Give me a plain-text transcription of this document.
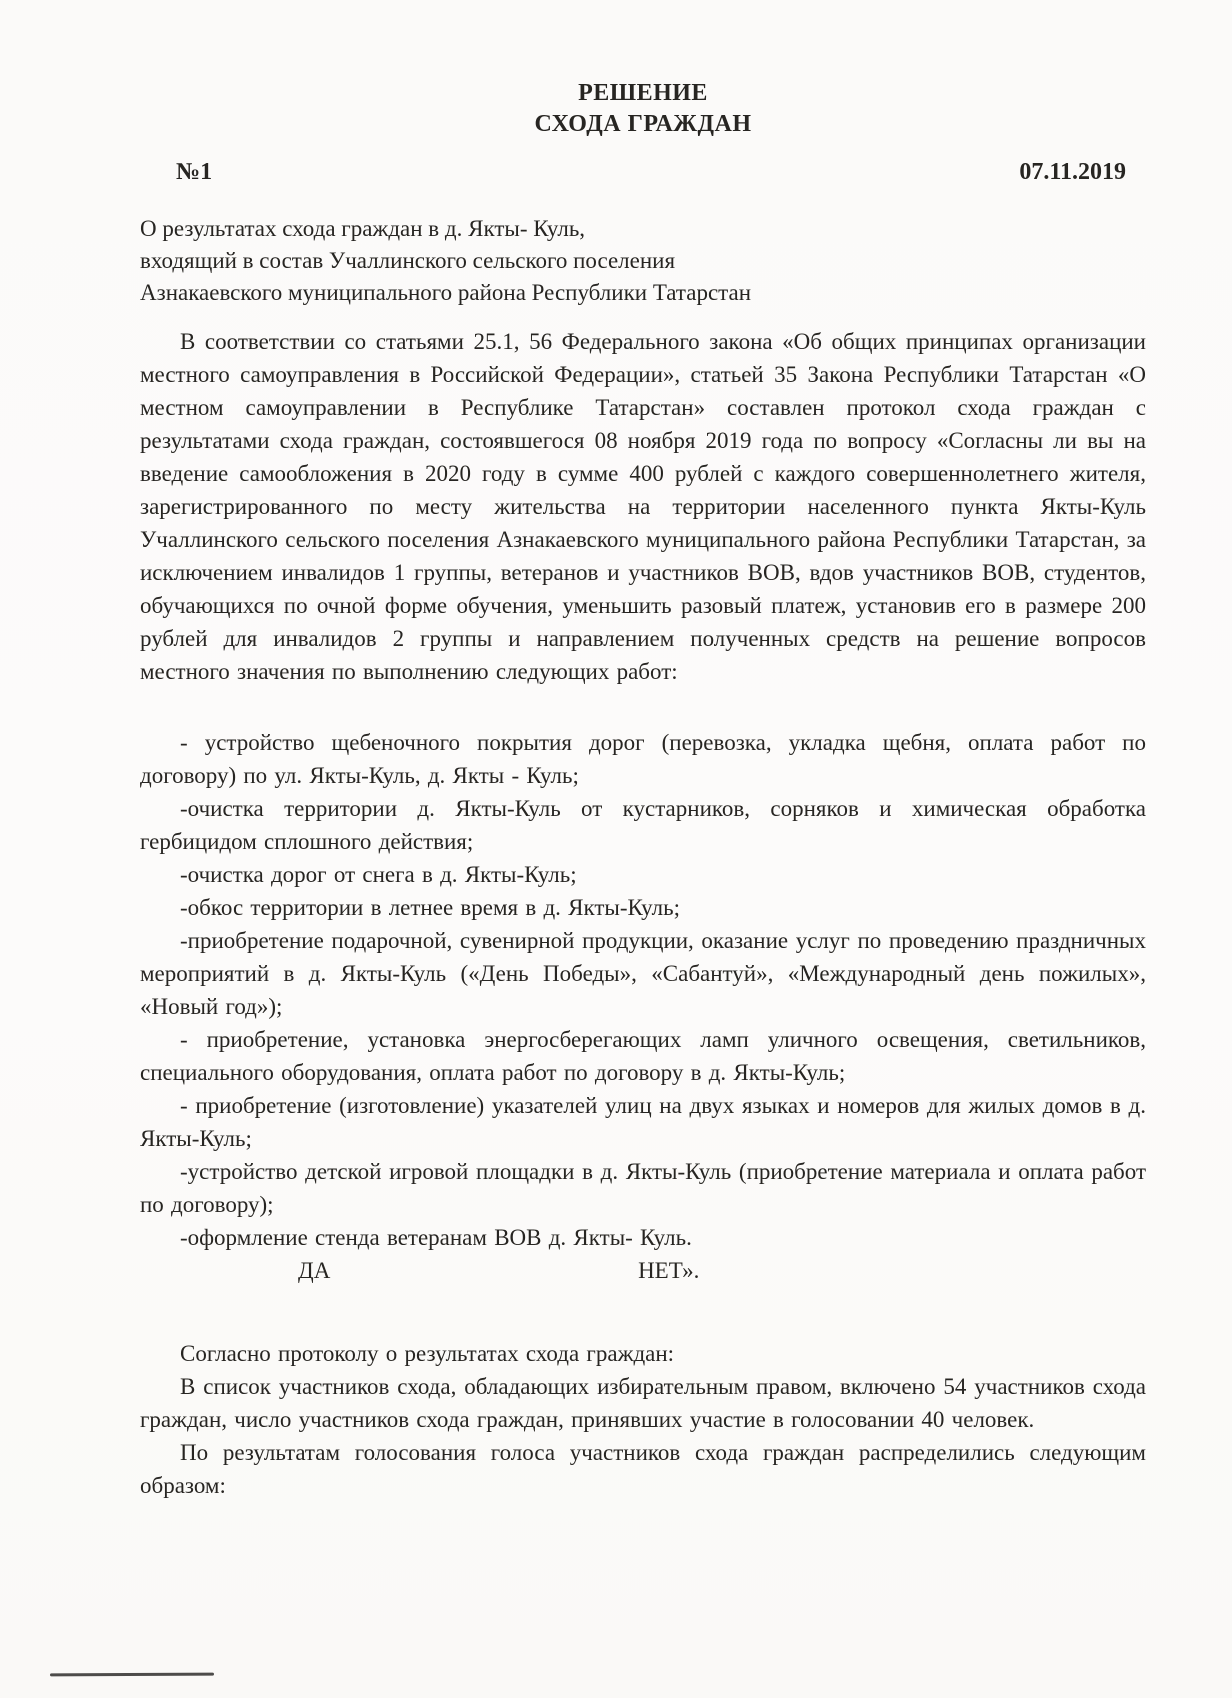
РЕШЕНИЕ
СХОДА ГРАЖДАН
№1	07.11.2019
О результатах схода граждан в д. Якты- Куль,
входящий в состав Учаллинского сельского поселения
Азнакаевского муниципального района Республики Татарстан

В соответствии со статьями 25.1, 56 Федерального закона «Об общих принципах организации местного самоуправления в Российской Федерации», статьей 35 Закона Республики Татарстан «О местном самоуправлении в Республике Татарстан» составлен протокол схода граждан с результатами схода граждан, состоявшегося 08 ноября 2019 года по вопросу «Согласны ли вы на введение самообложения в 2020 году в сумме 400 рублей с каждого совершеннолетнего жителя, зарегистрированного по месту жительства на территории населенного пункта Якты-Куль Учаллинского сельского поселения Азнакаевского муниципального района Республики Татарстан, за исключением инвалидов 1 группы, ветеранов и участников ВОВ, вдов участников ВОВ, студентов, обучающихся по очной форме обучения, уменьшить разовый платеж, установив его в размере 200 рублей для инвалидов 2 группы и направлением полученных средств на решение вопросов местного значения по выполнению следующих работ:

- устройство щебеночного покрытия дорог (перевозка, укладка щебня, оплата работ по договору) по ул. Якты-Куль, д. Якты - Куль;

-очистка территории д. Якты-Куль от кустарников, сорняков и химическая обработка гербицидом сплошного действия;

-очистка дорог от снега в д. Якты-Куль;

-обкос территории в летнее время в д. Якты-Куль;

-приобретение подарочной, сувенирной продукции, оказание услуг по проведению праздничных мероприятий в д. Якты-Куль («День Победы», «Сабантуй», «Международный день пожилых», «Новый год»);

- приобретение, установка энергосберегающих ламп уличного освещения, светильников, специального оборудования, оплата работ по договору в д. Якты-Куль;

- приобретение (изготовление) указателей улиц на двух языках и номеров для жилых домов в д. Якты-Куль;

-устройство детской игровой площадки в д. Якты-Куль (приобретение материала и оплата работ по договору);

-оформление стенда ветеранам ВОВ д. Якты- Куль.

ДА	НЕТ».

Согласно протоколу о результатах схода граждан:

В список участников схода, обладающих избирательным правом, включено 54 участников схода граждан, число участников схода граждан, принявших участие в голосовании 40 человек.

По результатам голосования голоса участников схода граждан распределились следующим образом:
